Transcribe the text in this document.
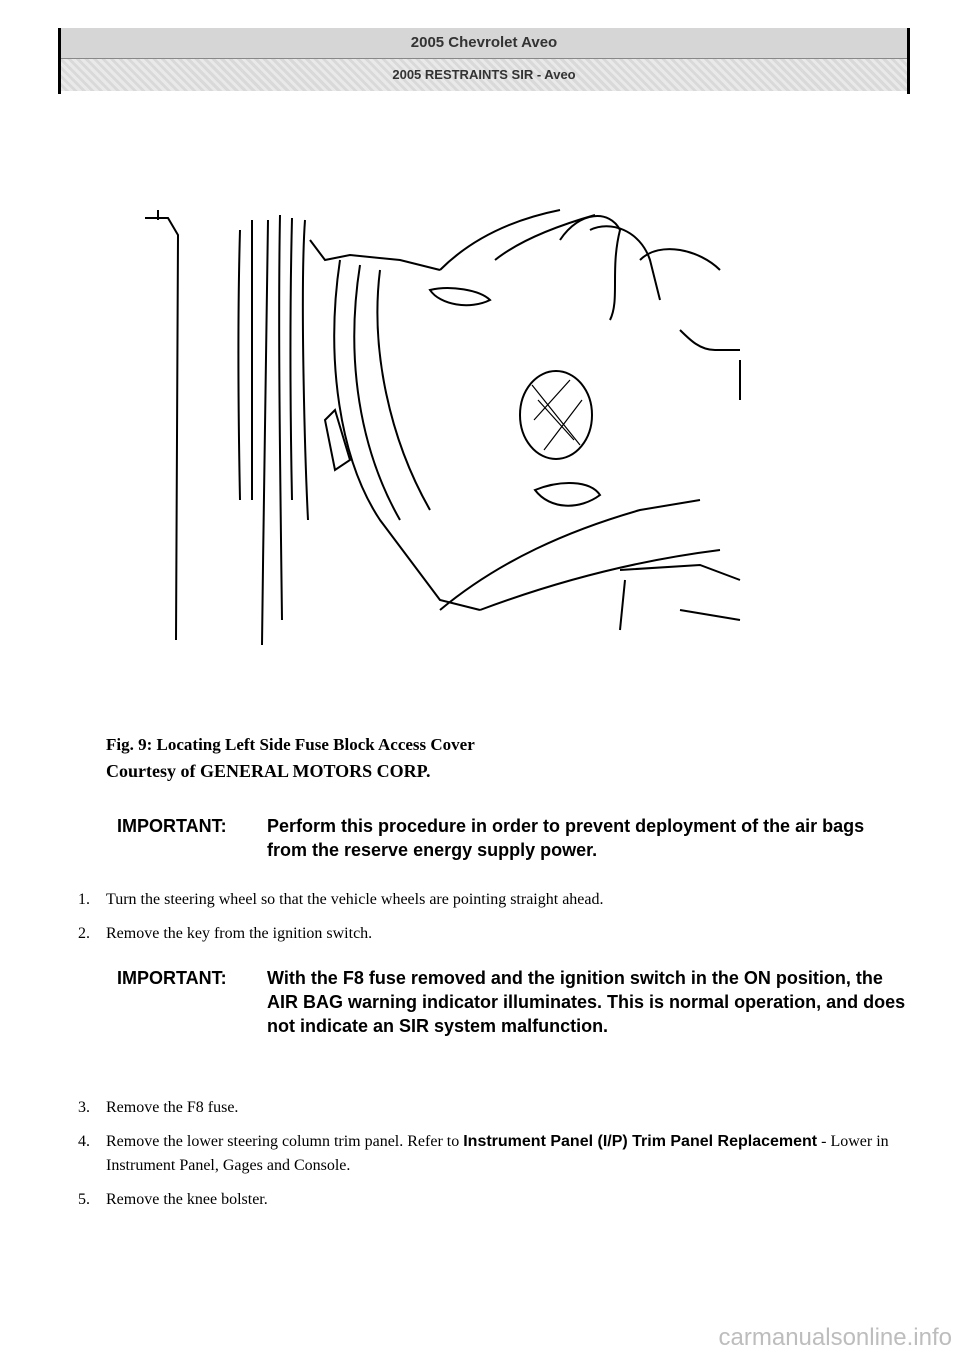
2005 Chevrolet Aveo
2005 RESTRAINTS SIR - Aveo
Fig. 9: Locating Left Side Fuse Block Access Cover
Courtesy of GENERAL MOTORS CORP.
IMPORTANT:	Perform this procedure in order to prevent deployment of the air bags from the reserve energy supply power.
1.	Turn the steering wheel so that the vehicle wheels are pointing straight ahead.
2.	Remove the key from the ignition switch.
IMPORTANT:	With the F8 fuse removed and the ignition switch in the ON position, the AIR BAG warning indicator illuminates. This is normal operation, and does not indicate an SIR system malfunction.
3.	Remove the F8 fuse.
4.	Remove the lower steering column trim panel. Refer to Instrument Panel (I/P) Trim Panel Replacement - Lower in Instrument Panel, Gages and Console.
5.	Remove the knee bolster.
carmanualsonline.info
